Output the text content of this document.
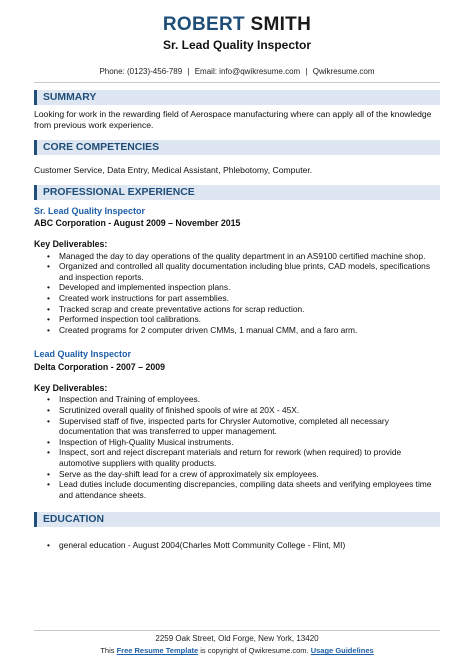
ROBERT SMITH
Sr. Lead Quality Inspector
Phone: (0123)-456-789 | Email: info@qwikresume.com | Qwikresume.com
SUMMARY
Looking for work in the rewarding field of Aerospace manufacturing where can apply all of the knowledge from previous work experience.
CORE COMPETENCIES
Customer Service, Data Entry, Medical Assistant, Phlebotomy, Computer.
PROFESSIONAL EXPERIENCE
Sr. Lead Quality Inspector
ABC Corporation - August 2009 – November 2015
Key Deliverables:
• Managed the day to day operations of the quality department in an AS9100 certified machine shop.
• Organized and controlled all quality documentation including blue prints, CAD models, specifications and inspection reports.
• Developed and implemented inspection plans.
• Created work instructions for part assemblies.
• Tracked scrap and create preventative actions for scrap reduction.
• Performed inspection tool calibrations.
• Created programs for 2 computer driven CMMs, 1 manual CMM, and a faro arm.
Lead Quality Inspector
Delta Corporation - 2007 – 2009
Key Deliverables:
• Inspection and Training of employees.
• Scrutinized overall quality of finished spools of wire at 20X - 45X.
• Supervised staff of five, inspected parts for Chrysler Automotive, completed all necessary documentation that was transferred to upper management.
• Inspection of High-Quality Musical instruments.
• Inspect, sort and reject discrepant materials and return for rework (when required) to provide automotive suppliers with quality products.
• Serve as the day-shift lead for a crew of approximately six employees.
• Lead duties include documenting discrepancies, compiling data sheets and verifying employees time and attendance sheets.
EDUCATION
• general education - August 2004(Charles Mott Community College - Flint, MI)
2259 Oak Street, Old Forge, New York, 13420
This Free Resume Template is copyright of Qwikresume.com. Usage Guidelines
